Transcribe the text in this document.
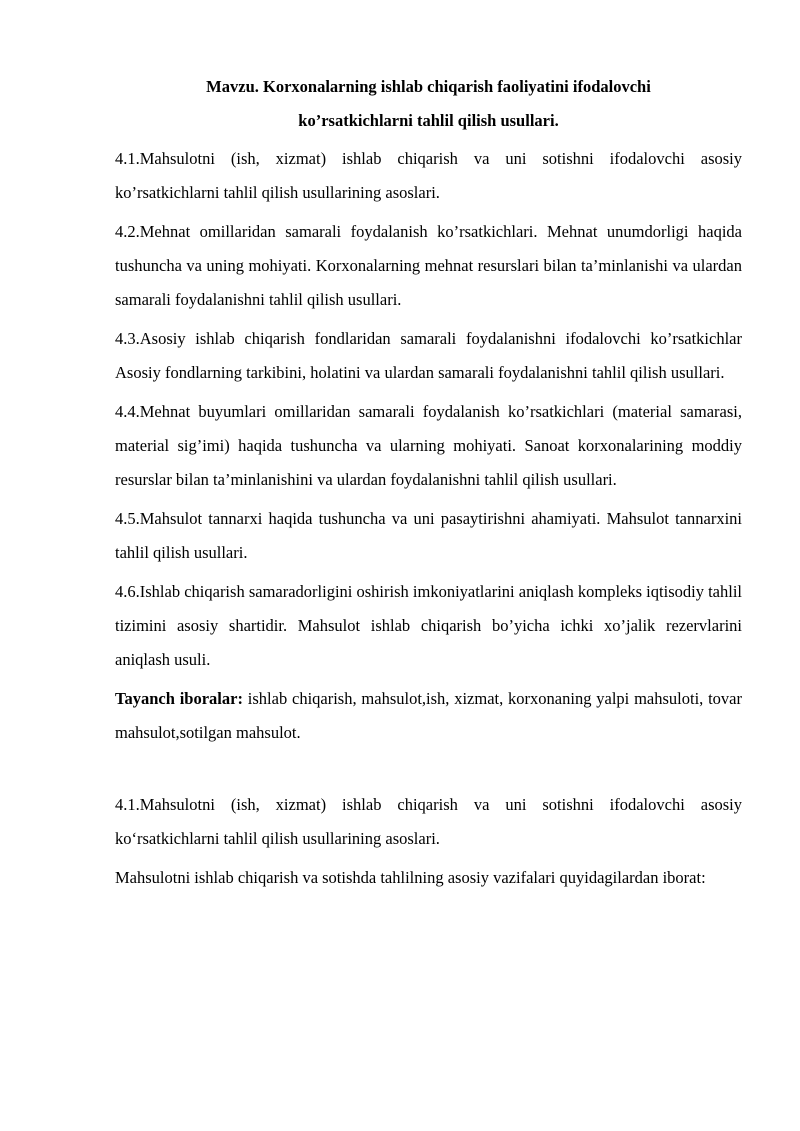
Mavzu. Korxonalarning ishlab chiqarish faoliyatini ifodalovchi
ko’rsatkichlarni tahlil qilish usullari.

4.1.Mahsulotni (ish, xizmat) ishlab chiqarish va uni sotishni ifodalovchi asosiy ko’rsatkichlarni tahlil qilish usullarining asoslari.

4.2.Mehnat omillaridan samarali foydalanish ko’rsatkichlari. Mehnat unumdorligi haqida tushuncha va uning mohiyati. Korxonalarning mehnat resurslari bilan ta’minlanishi va ulardan samarali foydalanishni tahlil qilish usullari.

4.3.Asosiy ishlab chiqarish fondlaridan samarali foydalanishni ifodalovchi ko’rsatkichlar Asosiy fondlarning tarkibini, holatini va ulardan samarali foydalanishni tahlil qilish usullari.

4.4.Mehnat buyumlari omillaridan samarali foydalanish ko’rsatkichlari (material samarasi, material sig’imi) haqida tushuncha va ularning mohiyati. Sanoat korxonalarining moddiy resurslar bilan ta’minlanishini va ulardan foydalanishni tahlil qilish usullari.

4.5.Mahsulot tannarxi haqida tushuncha va uni pasaytirishni ahamiyati. Mahsulot tannarxini tahlil qilish usullari.

4.6.Ishlab chiqarish samaradorligini oshirish imkoniyatlarini aniqlash kompleks iqtisodiy tahlil tizimini asosiy shartidir. Mahsulot ishlab chiqarish bo’yicha ichki xo’jalik rezervlarini aniqlash usuli.

Tayanch iboralar: ishlab chiqarish, mahsulot,ish, xizmat, korxonaning yalpi mahsuloti, tovar mahsulot,sotilgan mahsulot.

4.1.Mahsulotni (ish, xizmat) ishlab chiqarish va uni sotishni ifodalovchi asosiy ko‘rsatkichlarni tahlil qilish usullarining asoslari.

Mahsulotni ishlab chiqarish va sotishda tahlilning asosiy vazifalari quyidagilardan iborat:
